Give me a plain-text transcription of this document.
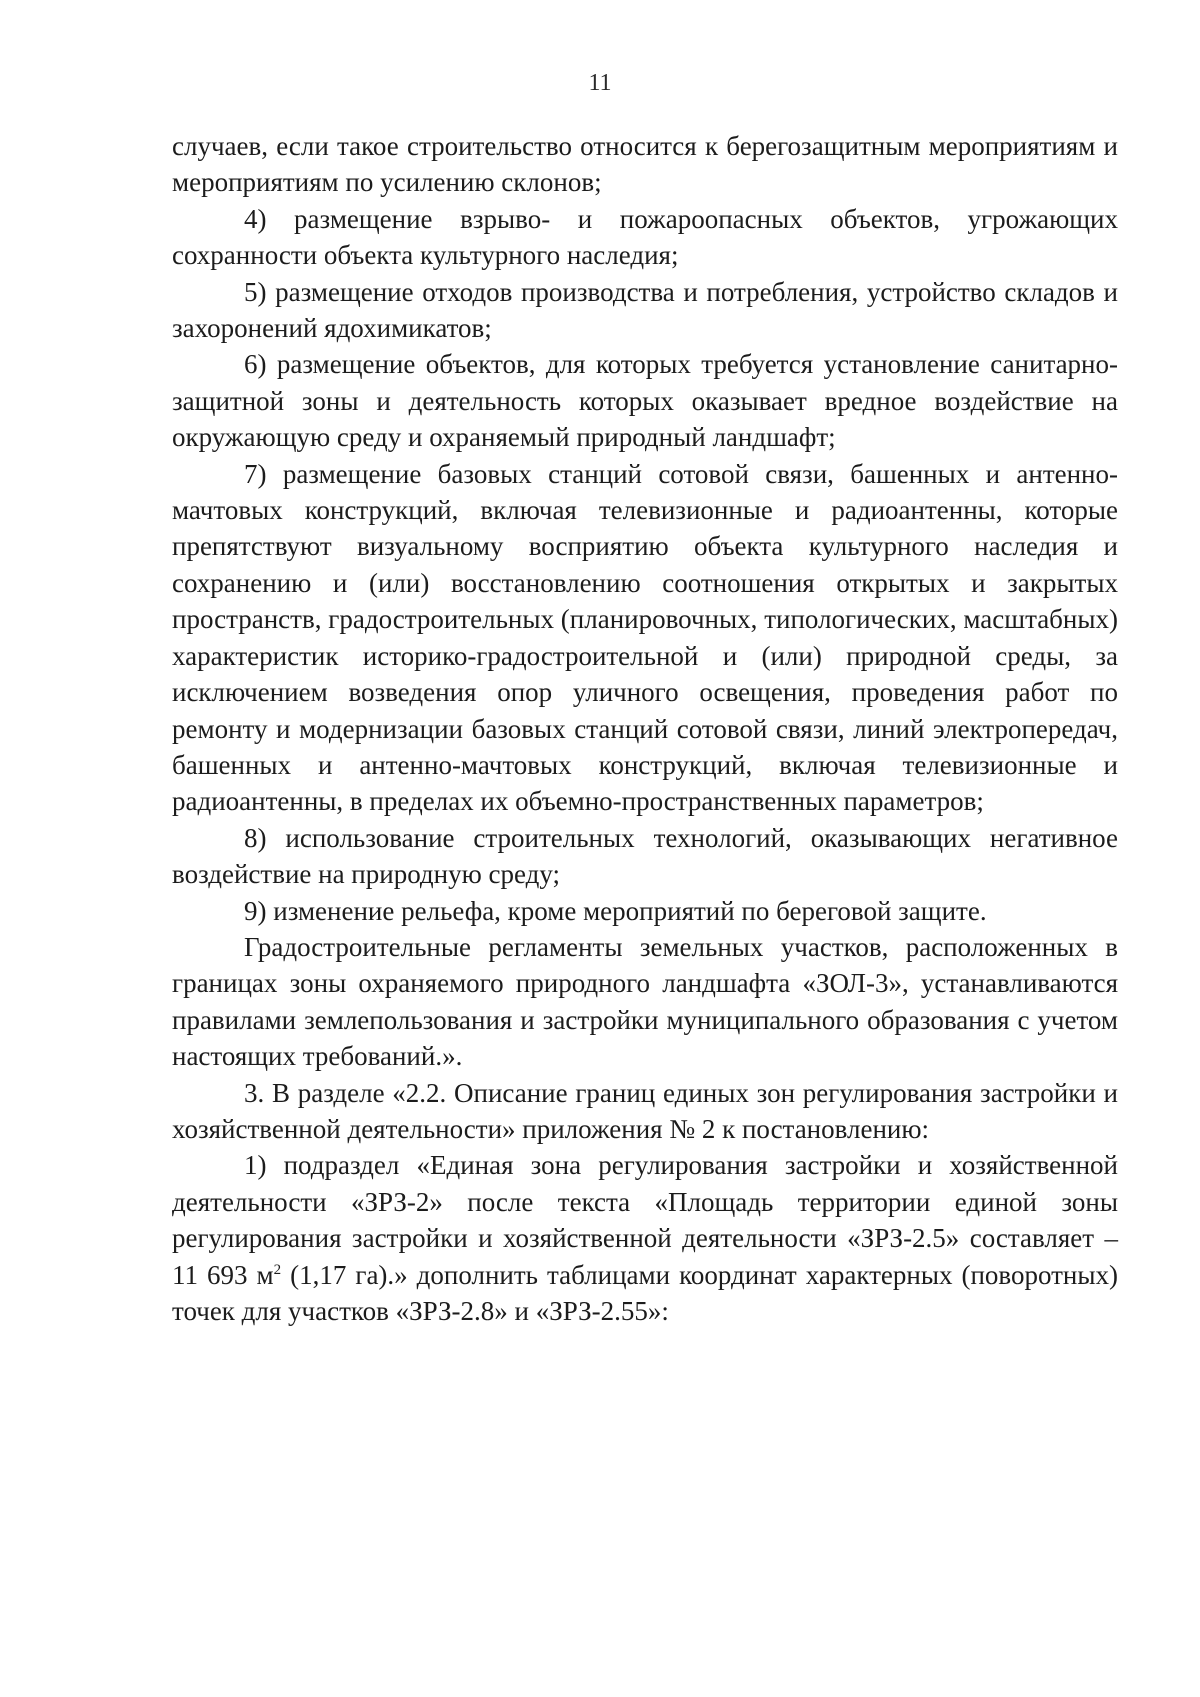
11

случаев, если такое строительство относится к берегозащитным мероприятиям и мероприятиям по усилению склонов;

4) размещение взрыво- и пожароопасных объектов, угрожающих сохранности объекта культурного наследия;

5) размещение отходов производства и потребления, устройство складов и захоронений ядохимикатов;

6) размещение объектов, для которых требуется установление санитарно-защитной зоны и деятельность которых оказывает вредное воздействие на окружающую среду и охраняемый природный ландшафт;

7) размещение базовых станций сотовой связи, башенных и антенно-мачтовых конструкций, включая телевизионные и радиоантенны, которые препятствуют визуальному восприятию объекта культурного наследия и сохранению и (или) восстановлению соотношения открытых и закрытых пространств, градостроительных (планировочных, типологических, масштабных) характеристик историко-градостроительной и (или) природной среды, за исключением возведения опор уличного освещения, проведения работ по ремонту и модернизации базовых станций сотовой связи, линий электропередач, башенных и антенно-мачтовых конструкций, включая телевизионные и радиоантенны, в пределах их объемно-пространственных параметров;

8) использование строительных технологий, оказывающих негативное воздействие на природную среду;

9) изменение рельефа, кроме мероприятий по береговой защите.

Градостроительные регламенты земельных участков, расположенных в границах зоны охраняемого природного ландшафта «ЗОЛ-3», устанавливаются правилами землепользования и застройки муниципального образования с учетом настоящих требований.».

3. В разделе «2.2. Описание границ единых зон регулирования застройки и хозяйственной деятельности» приложения № 2 к постановлению:

1) подраздел «Единая зона регулирования застройки и хозяйственной деятельности «ЗРЗ-2» после текста «Площадь территории единой зоны регулирования застройки и хозяйственной деятельности «ЗРЗ-2.5» составляет – 11 693 $м^2$ (1,17 га).» дополнить таблицами координат характерных (поворотных) точек для участков «ЗРЗ-2.8» и «ЗРЗ-2.55»:
